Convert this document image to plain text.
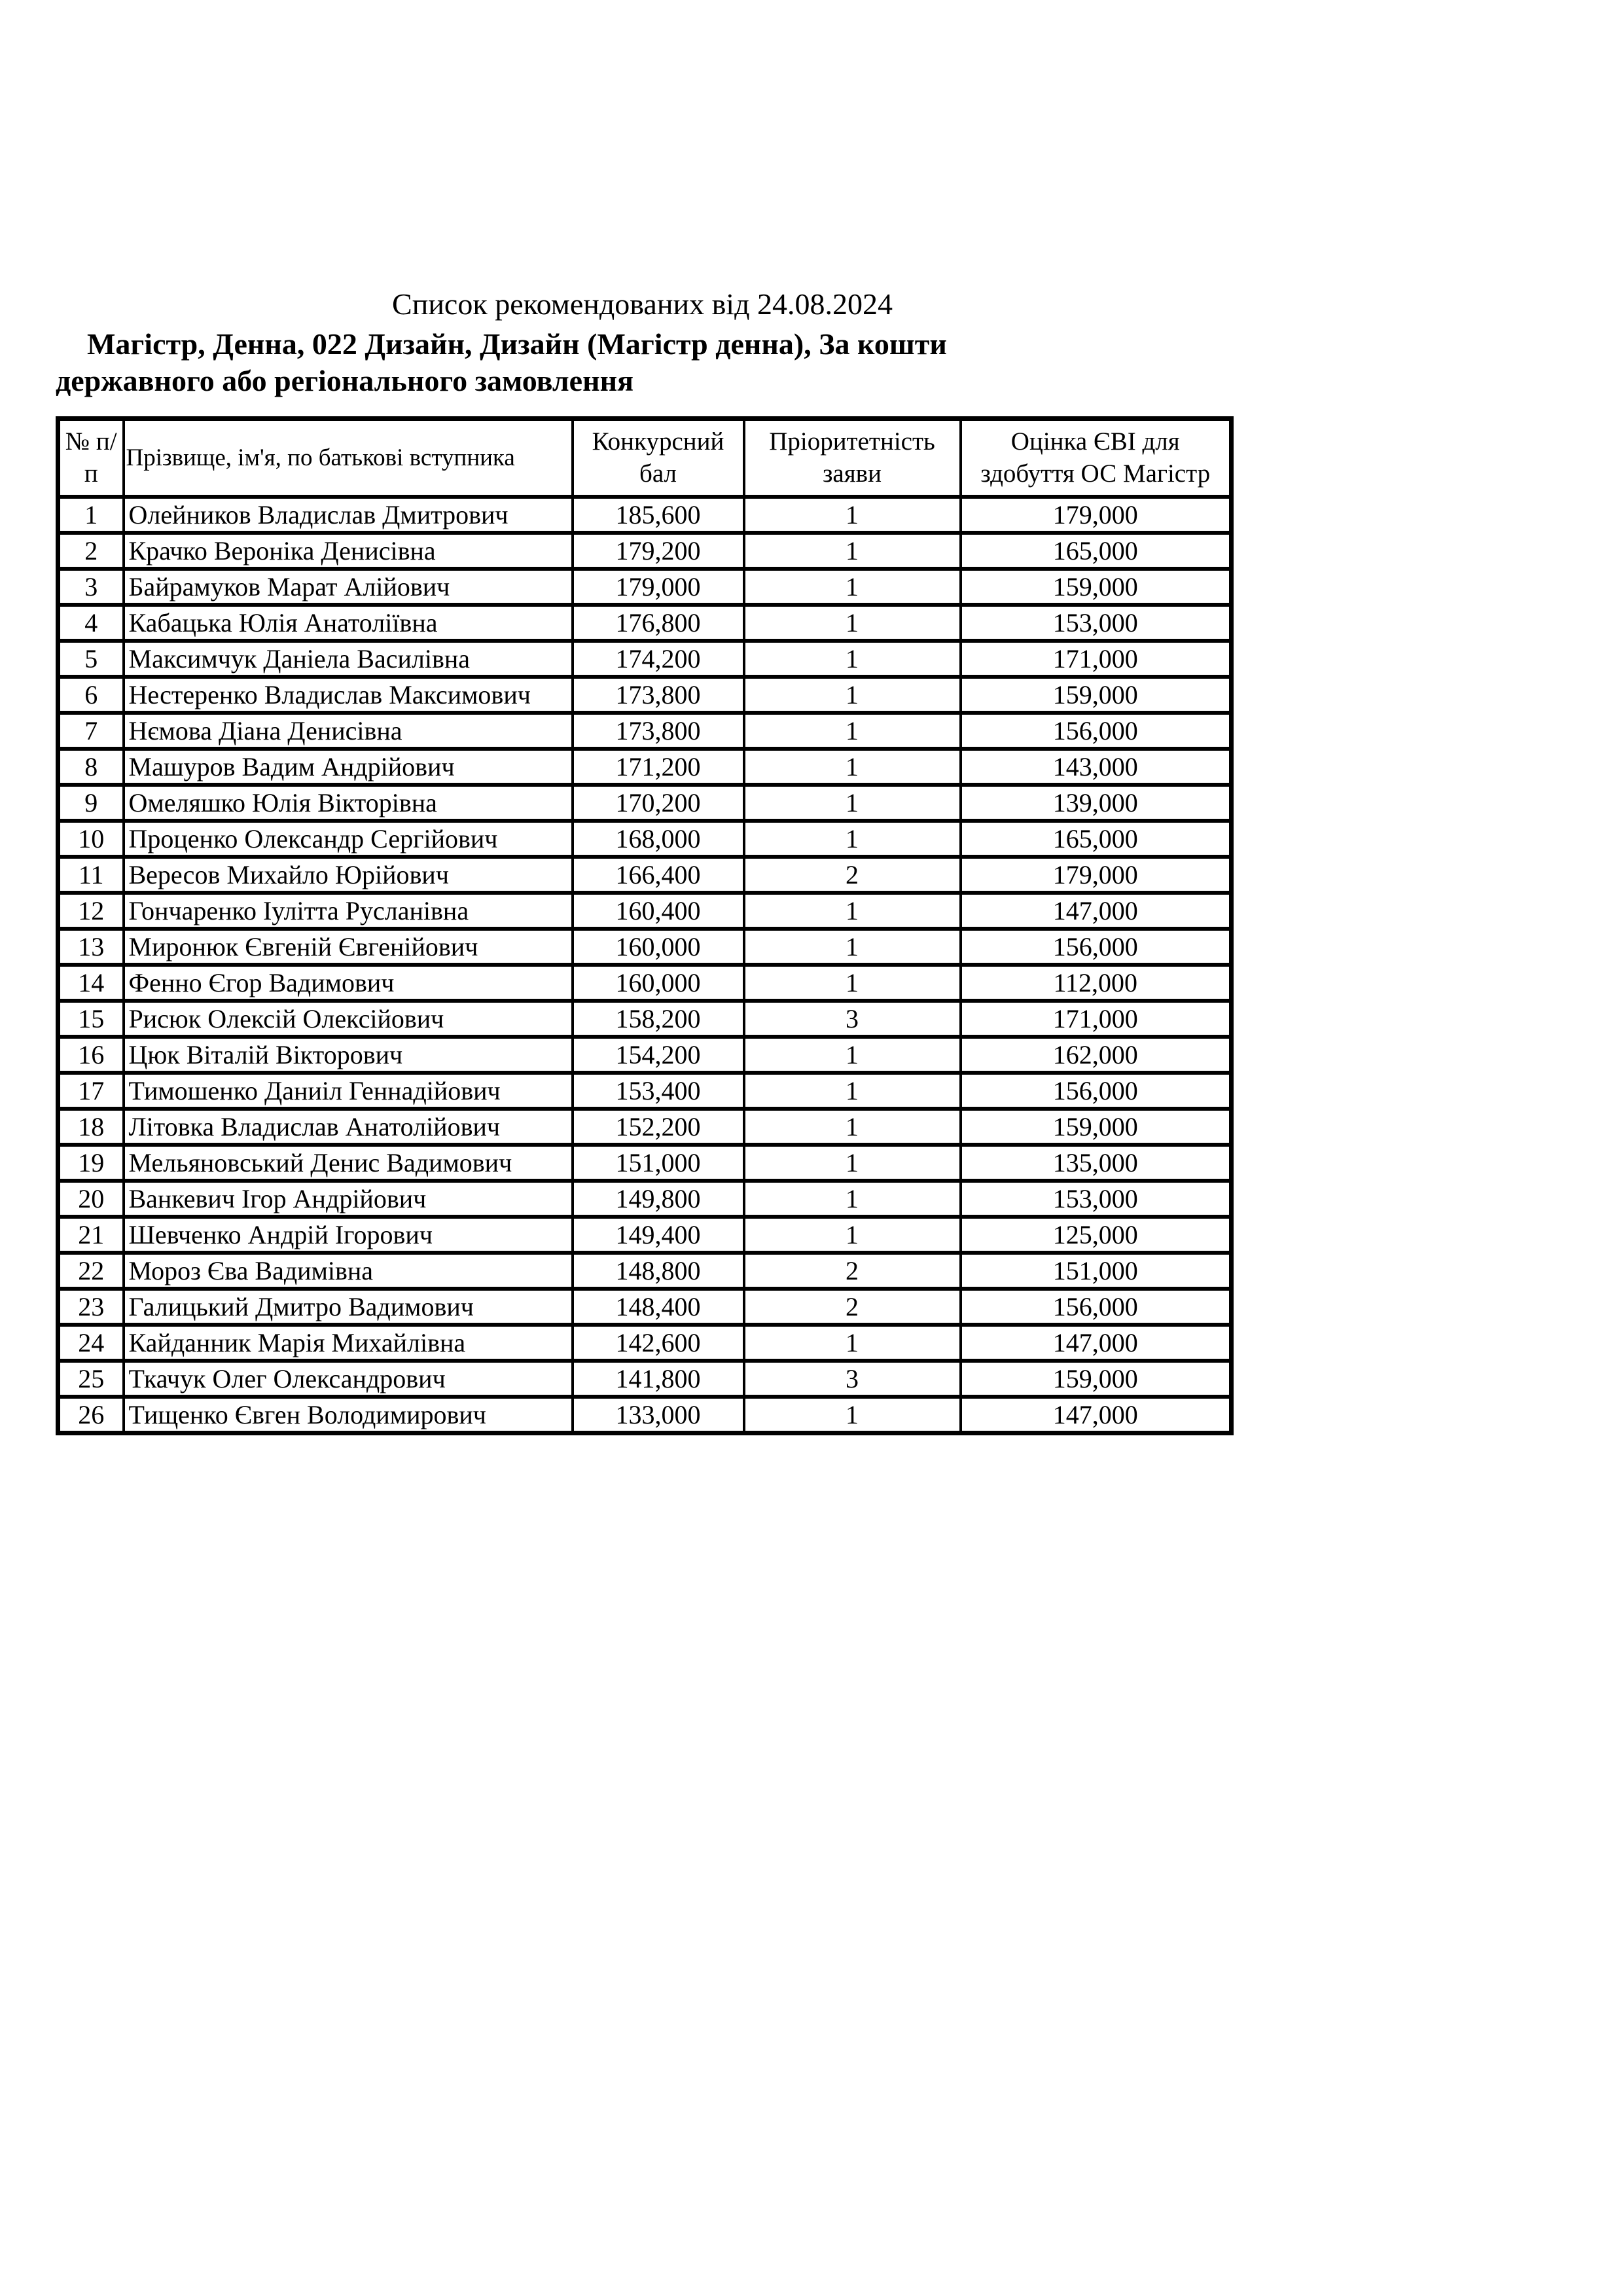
Список рекомендованих від 24.08.2024
Магістр, Денна, 022 Дизайн, Дизайн (Магістр денна), За кошти
державного або регіонального замовлення
№ п/п	Прізвище, ім'я, по батькові вступника	Конкурсний бал	Пріоритетність заяви	Оцінка ЄВІ для здобуття ОС Магістр
1	Олейников Владислав Дмитрович	185,600	1	179,000
2	Крачко Вероніка Денисівна	179,200	1	165,000
3	Байрамуков Марат Алійович	179,000	1	159,000
4	Кабацька Юлія Анатоліївна	176,800	1	153,000
5	Максимчук Даніела Василівна	174,200	1	171,000
6	Нестеренко Владислав Максимович	173,800	1	159,000
7	Нємова Діана Денисівна	173,800	1	156,000
8	Машуров Вадим Андрійович	171,200	1	143,000
9	Омеляшко Юлія Вікторівна	170,200	1	139,000
10	Проценко Олександр Сергійович	168,000	1	165,000
11	Вересов Михайло Юрійович	166,400	2	179,000
12	Гончаренко Іулітта Русланівна	160,400	1	147,000
13	Миронюк Євгеній Євгенійович	160,000	1	156,000
14	Фенно Єгор Вадимович	160,000	1	112,000
15	Рисюк Олексій Олексійович	158,200	3	171,000
16	Цюк Віталій Вікторович	154,200	1	162,000
17	Тимошенко Даниіл Геннадійович	153,400	1	156,000
18	Літовка Владислав Анатолійович	152,200	1	159,000
19	Мельяновський Денис Вадимович	151,000	1	135,000
20	Ванкевич Ігор Андрійович	149,800	1	153,000
21	Шевченко Андрій Ігорович	149,400	1	125,000
22	Мороз Єва Вадимівна	148,800	2	151,000
23	Галицький Дмитро Вадимович	148,400	2	156,000
24	Кайданник Марія Михайлівна	142,600	1	147,000
25	Ткачук Олег Олександрович	141,800	3	159,000
26	Тищенко Євген Володимирович	133,000	1	147,000
